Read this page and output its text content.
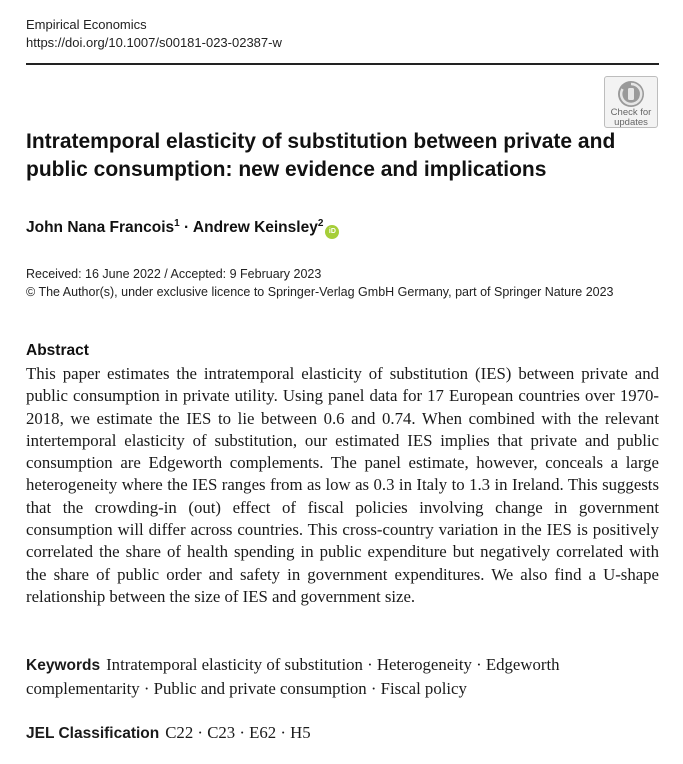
Empirical Economics
https://doi.org/10.1007/s00181-023-02387-w
Check for
updates
Intratemporal elasticity of substitution between private and public consumption: new evidence and implications
John Nana Francois$^1$ · Andrew Keinsley$^2$iD
Received: 16 June 2022 / Accepted: 9 February 2023
© The Author(s), under exclusive licence to Springer-Verlag GmbH Germany, part of Springer Nature 2023
Abstract
This paper estimates the intratemporal elasticity of substitution (IES) between private and public consumption in private utility. Using panel data for 17 European countries over 1970-2018, we estimate the IES to lie between 0.6 and 0.74. When combined with the relevant intertemporal elasticity of substitution, our estimated IES implies that private and public consumption are Edgeworth complements. The panel estimate, however, conceals a large heterogeneity where the IES ranges from as low as 0.3 in Italy to 1.3 in Ireland. This suggests that the crowding-in (out) effect of fiscal policies involving change in government consumption will differ across countries. This cross-country variation in the IES is positively correlated the share of health spending in public expenditure but negatively correlated with the share of public order and safety in government expenditures. We also find a U-shape relationship between the size of IES and government size.
Keywords Intratemporal elasticity of substitution · Heterogeneity · Edgeworth complementarity · Public and private consumption · Fiscal policy
JEL Classification C22 · C23 · E62 · H5
